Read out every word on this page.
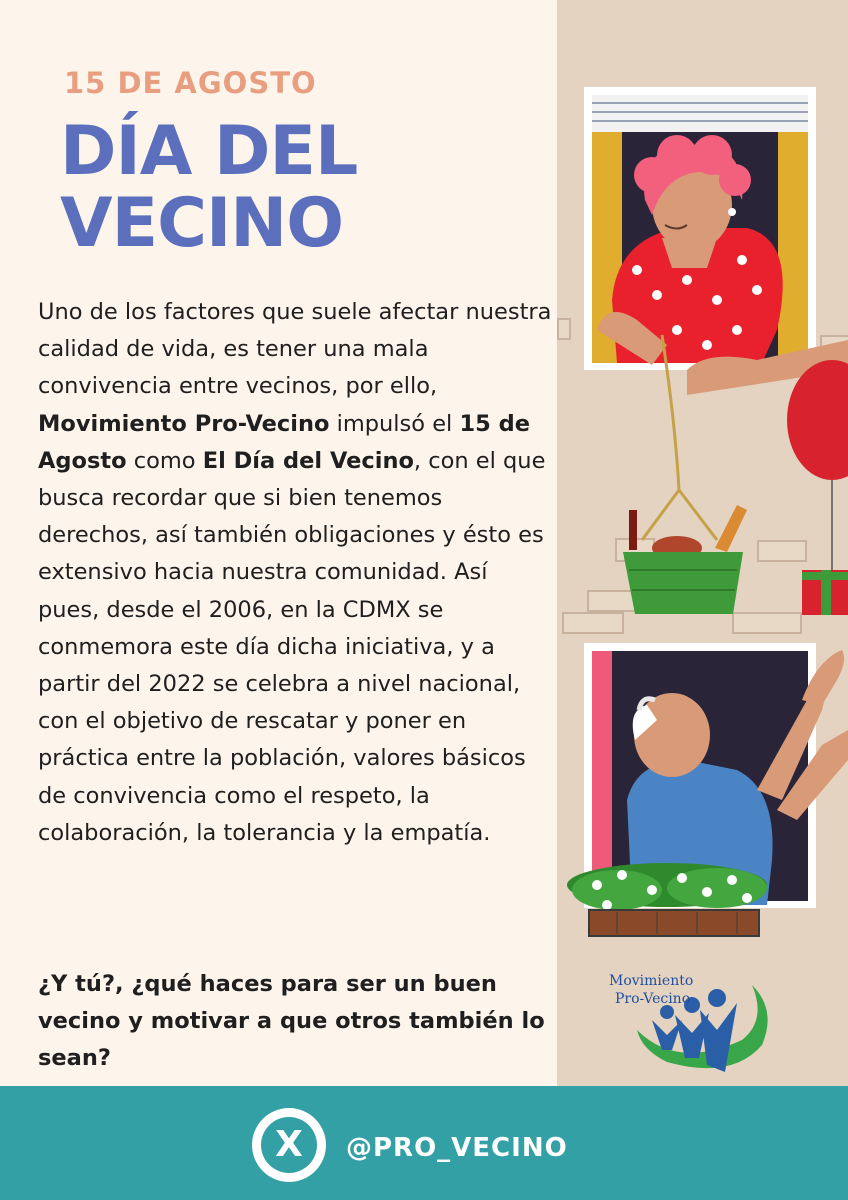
Movimiento
Pro-Vecino
15 DE AGOSTO
DÍA DEL
VECINO
Uno de los factores que suele afectar nuestra calidad de vida, es tener una mala convivencia entre vecinos, por ello, Movimiento Pro-Vecino impulsó el 15 de Agosto como El Día del Vecino, con el que busca recordar que si bien tenemos derechos, así también obligaciones y ésto es extensivo hacia nuestra comunidad. Así pues, desde el 2006, en la CDMX se conmemora este día dicha iniciativa, y a partir del 2022 se celebra a nivel nacional, con el objetivo de rescatar y poner en práctica entre la población, valores básicos de convivencia como el respeto, la colaboración, la tolerancia y la empatía.
¿Y tú?, ¿qué haces para ser un buen vecino y motivar a que otros también lo sean?
X	@PRO_VECINO
